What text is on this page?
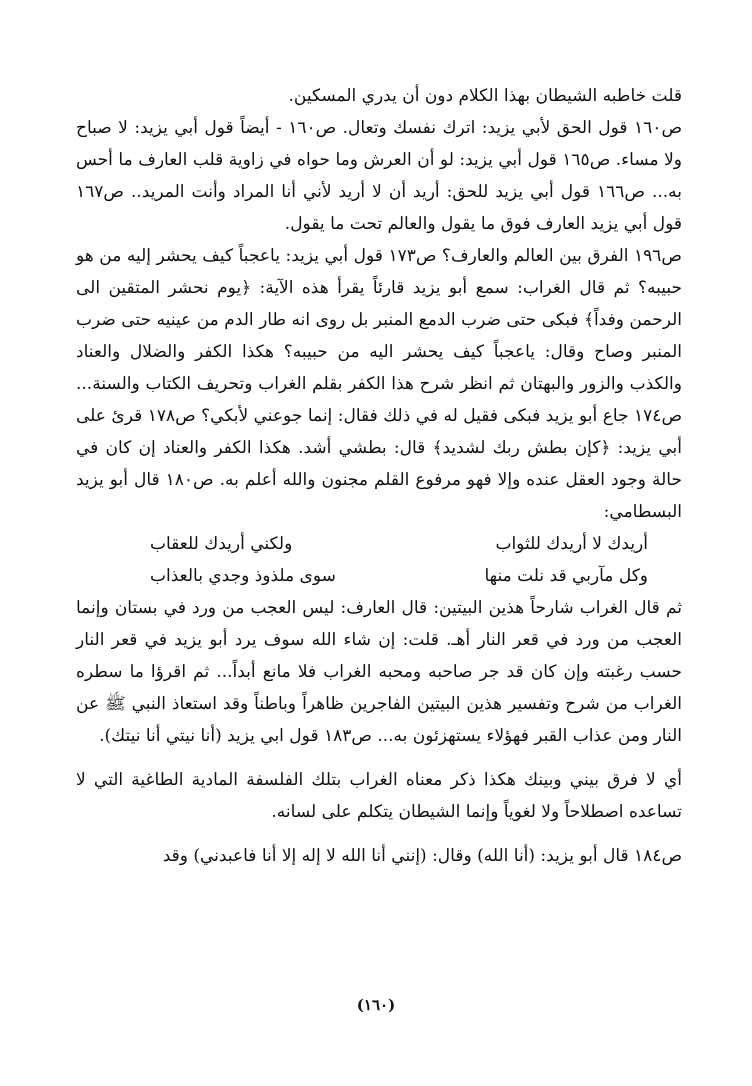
قلت خاطبه الشيطان بهذا الكلام دون أن يدري المسكين.

ص١٦٠ قول الحق لأبي يزيد: اترك نفسك وتعال. ص١٦٠ - أيضاً قول أبي يزيد: لا صباح ولا مساء. ص١٦٥ قول أبي يزيد: لو أن العرش وما حواه في زاوية قلب العارف ما أحس به... ص١٦٦ قول أبي يزيد للحق: أريد أن لا أريد لأني أنا المراد وأنت المريد.. ص١٦٧ قول أبي يزيد العارف فوق ما يقول والعالم تحت ما يقول.

ص١٩٦ الفرق بين العالم والعارف؟ ص١٧٣ قول أبي يزيد: ياعجباً كيف يحشر إليه من هو حبيبه؟ ثم قال الغراب: سمع أبو يزيد قارئاً يقرأ هذه الآية: ﴿يوم نحشر المتقين الى الرحمن وفداً﴾ فبكى حتى ضرب الدمع المنبر بل روى انه طار الدم من عينيه حتى ضرب المنبر وصاح وقال: ياعجباً كيف يحشر اليه من حبيبه؟ هكذا الكفر والضلال والعناد والكذب والزور والبهتان ثم انظر شرح هذا الكفر بقلم الغراب وتحريف الكتاب والسنة... ص١٧٤ جاع أبو يزيد فبكى فقيل له في ذلك فقال: إنما جوعني لأبكي؟ ص١٧٨ قرئ على أبي يزيد: ﴿كإن بطش ربك لشديد﴾ قال: بطشي أشد. هكذا الكفر والعناد إن كان في حالة وجود العقل عنده وإلا فهو مرفوع القلم مجنون والله أعلم به. ص١٨٠ قال أبو يزيد البسطامي:

أريدك لا أريدك للثواب
ولكني أريدك للعقاب
وكل مآربي قد نلت منها
سوى ملذوذ وجدي بالعذاب

ثم قال الغراب شارحاً هذين البيتين: قال العارف: ليس العجب من ورد في بستان وإنما العجب من ورد في قعر النار أهـ. قلت: إن شاء الله سوف يرد أبو يزيد في قعر النار حسب رغبته وإن كان قد جر صاحبه ومحبه الغراب فلا مانع أبداً... ثم اقرؤا ما سطره الغراب من شرح وتفسير هذين البيتين الفاجرين ظاهراً وباطناً وقد استعاذ النبي ﷺ عن النار ومن عذاب القبر فهؤلاء يستهزئون به... ص١٨٣ قول ابي يزيد (أنا نيتي أنا نيتك).

أي لا فرق بيني وبينك هكذا ذكر معناه الغراب بتلك الفلسفة المادية الطاغية التي لا تساعده اصطلاحاً ولا لغوياً وإنما الشيطان يتكلم على لسانه.

ص١٨٤ قال أبو يزيد: (أنا الله) وقال: (إنني أنا الله لا إله إلا أنا فاعبدني) وقد

(١٦٠)
